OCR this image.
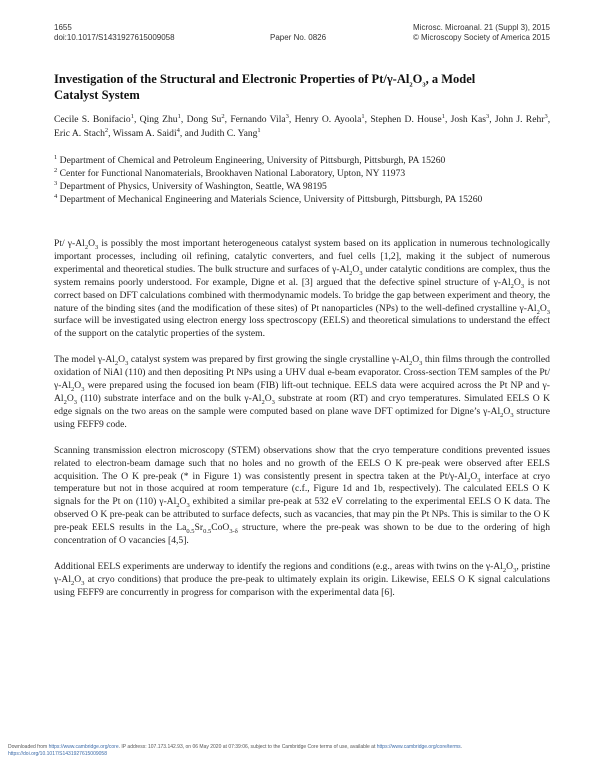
1655
doi:10.1017/S1431927615009058	Paper No. 0826
Microsc. Microanal. 21 (Suppl 3), 2015
© Microscopy Society of America 2015
Investigation of the Structural and Electronic Properties of $Pt/\gamma-Al_2O_3$, a Model
Catalyst System
Cecile S. Bonifacio$^1$, Qing Zhu$^1$, Dong Su$^2$, Fernando Vila$^3$, Henry O. Ayoola$^1$, Stephen D. House$^1$, Josh Kas$^3$, John J. Rehr$^3$, Eric A. Stach$^2$, Wissam A. Saidi$^4$, and Judith C. Yang$^1$
$^1$ Department of Chemical and Petroleum Engineering, University of Pittsburgh, Pittsburgh, PA 15260
$^2$ Center for Functional Nanomaterials, Brookhaven National Laboratory, Upton, NY 11973
$^3$ Department of Physics, University of Washington, Seattle, WA 98195
$^4$ Department of Mechanical Engineering and Materials Science, University of Pittsburgh, Pittsburgh, PA 15260

Pt/ $\gamma-Al_2O_3$ is possibly the most important heterogeneous catalyst system based on its application in numerous technologically important processes, including oil refining, catalytic converters, and fuel cells [1,2], making it the subject of numerous experimental and theoretical studies. The bulk structure and surfaces of $\gamma-Al_2O_3$ under catalytic conditions are complex, thus the system remains poorly understood. For example, Digne et al. [3] argued that the defective spinel structure of $\gamma-Al_2O_3$ is not correct based on DFT calculations combined with thermodynamic models. To bridge the gap between experiment and theory, the nature of the binding sites (and the modification of these sites) of Pt nanoparticles (NPs) to the well-defined crystalline $\gamma-Al_2O_3$ surface will be investigated using electron energy loss spectroscopy (EELS) and theoretical simulations to understand the effect of the support on the catalytic properties of the system.

The model $\gamma-Al_2O_3$ catalyst system was prepared by first growing the single crystalline $\gamma-Al_2O_3$ thin films through the controlled oxidation of NiAl (110) and then depositing Pt NPs using a UHV dual e-beam evaporator. Cross-section TEM samples of the $Pt/\gamma-Al_2O_3$ were prepared using the focused ion beam (FIB) lift-out technique. EELS data were acquired across the Pt NP and $\gamma-Al_2O_3$ (110) substrate interface and on the bulk $\gamma-Al_2O_3$ substrate at room (RT) and cryo temperatures. Simulated EELS O K edge signals on the two areas on the sample were computed based on plane wave DFT optimized for Digne’s $\gamma-Al_2O_3$ structure using FEFF9 code.

Scanning transmission electron microscopy (STEM) observations show that the cryo temperature conditions prevented issues related to electron-beam damage such that no holes and no growth of the EELS O K pre-peak were observed after EELS acquisition. The O K pre-peak (* in Figure 1) was consistently present in spectra taken at the $Pt/\gamma-Al_2O_3$ interface at cryo temperature but not in those acquired at room temperature (c.f., Figure 1d and 1b, respectively). The calculated EELS O K signals for the Pt on (110) $\gamma-Al_2O_3$ exhibited a similar pre-peak at 532 eV correlating to the experimental EELS O K data. The observed O K pre-peak can be attributed to surface defects, such as vacancies, that may pin the Pt NPs. This is similar to the O K pre-peak EELS results in the $La_{0.5}Sr_{0.5}CoO_{3-\delta}$ structure, where the pre-peak was shown to be due to the ordering of high concentration of O vacancies [4,5].

Additional EELS experiments are underway to identify the regions and conditions (e.g., areas with twins on the $\gamma-Al_2O_3$, pristine $\gamma-Al_2O_3$ at cryo conditions) that produce the pre-peak to ultimately explain its origin. Likewise, EELS O K signal calculations using FEFF9 are concurrently in progress for comparison with the experimental data [6].

Downloaded from https://www.cambridge.org/core. IP address: 107.173.142.93, on 06 May 2020 at 07:39:06, subject to the Cambridge Core terms of use, available at https://www.cambridge.org/core/terms.
https://doi.org/10.1017/S1431927615009058
